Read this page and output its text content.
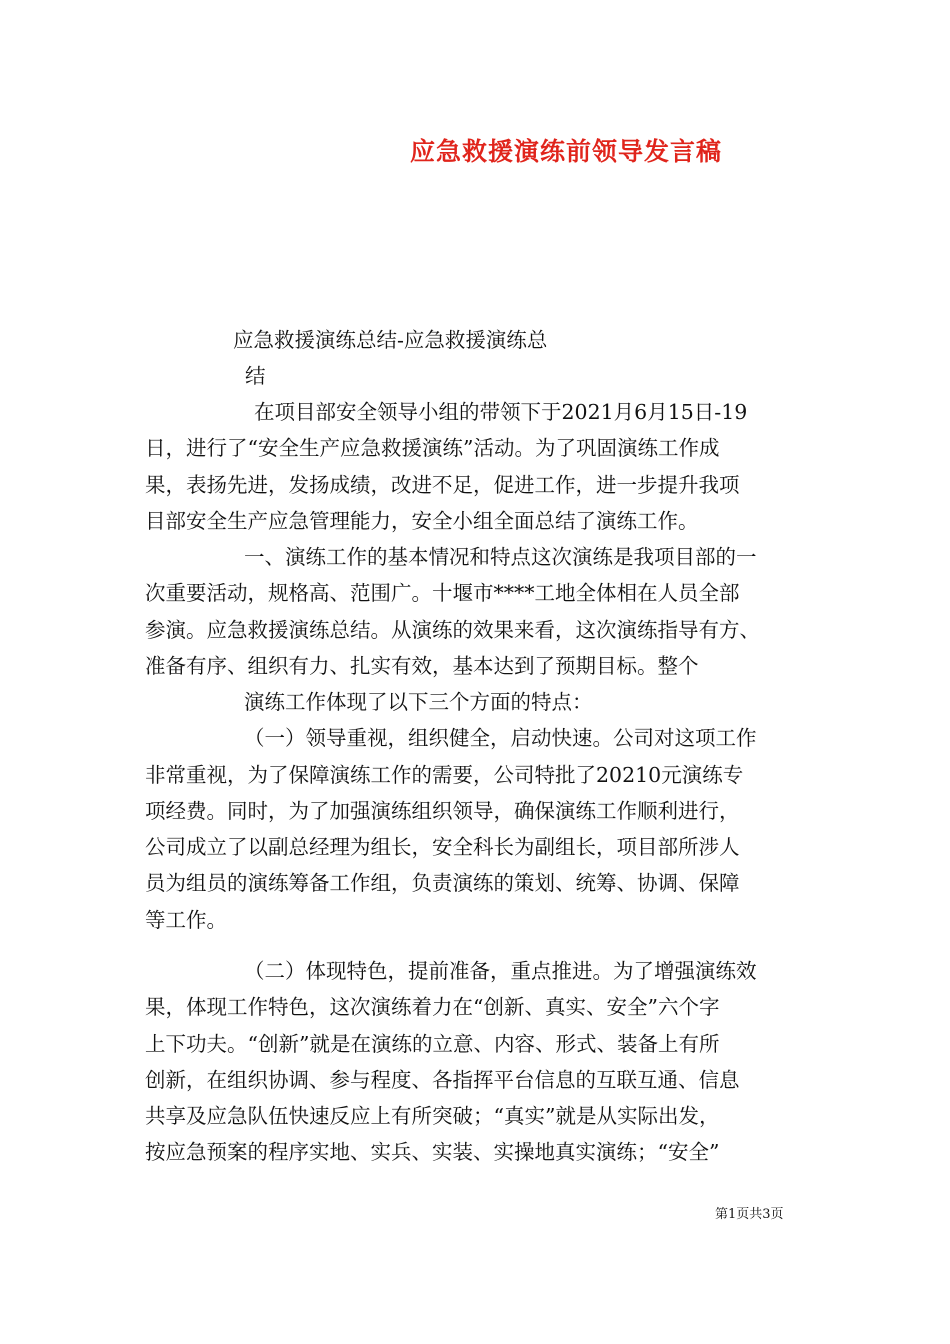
应急救援演练前领导发言稿
应急救援演练总结-应急救援演练总
结
在项目部安全领导小组的带领下于2021月6月15日-19
日，进行了“安全生产应急救援演练”活动。为了巩固演练工作成
果，表扬先进，发扬成绩，改进不足，促进工作，进一步提升我项
目部安全生产应急管理能力，安全小组全面总结了演练工作。
一、演练工作的基本情况和特点这次演练是我项目部的一
次重要活动，规格高、范围广。十堰市****工地全体相在人员全部
参演。应急救援演练总结。从演练的效果来看，这次演练指导有方、
准备有序、组织有力、扎实有效，基本达到了预期目标。整个
演练工作体现了以下三个方面的特点：
（一）领导重视，组织健全，启动快速。公司对这项工作
非常重视，为了保障演练工作的需要，公司特批了20210元演练专
项经费。同时，为了加强演练组织领导，确保演练工作顺利进行，
公司成立了以副总经理为组长，安全科长为副组长，项目部所涉人
员为组员的演练筹备工作组，负责演练的策划、统筹、协调、保障
等工作。
（二）体现特色，提前准备，重点推进。为了增强演练效
果，体现工作特色，这次演练着力在“创新、真实、安全”六个字
上下功夫。“创新”就是在演练的立意、内容、形式、装备上有所
创新，在组织协调、参与程度、各指挥平台信息的互联互通、信息
共享及应急队伍快速反应上有所突破；“真实”就是从实际出发，
按应急预案的程序实地、实兵、实装、实操地真实演练；“安全”
第1页共3页
